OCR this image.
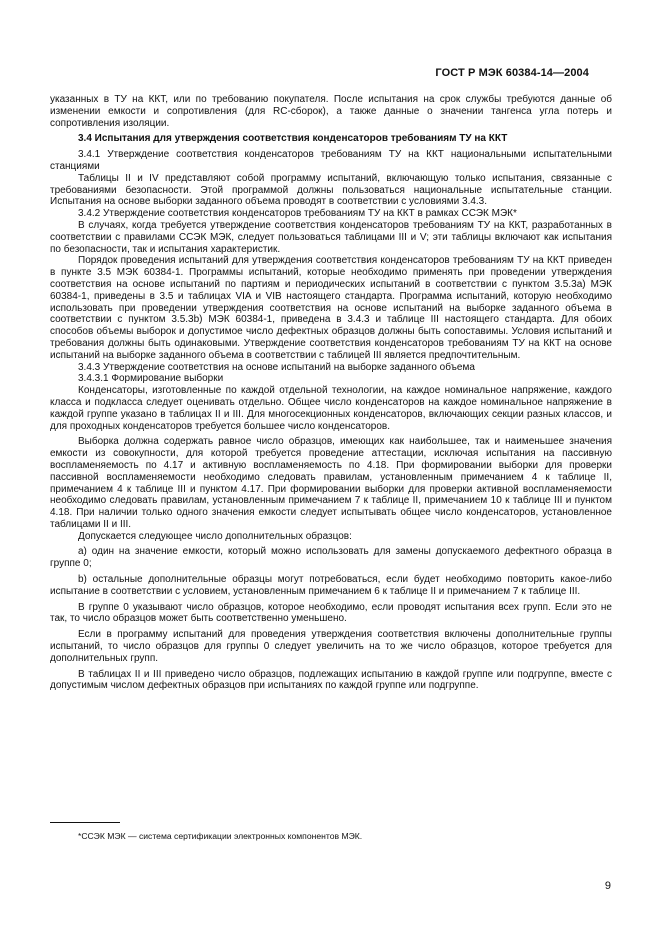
ГОСТ Р МЭК 60384-14—2004

указанных в ТУ на ККТ, или по требованию покупателя. После испытания на срок службы требуются данные об изменении емкости и сопротивления (для RC-сборок), а также данные о значении тангенса угла потерь и сопротивления изоляции.

3.4 Испытания для утверждения соответствия конденсаторов требованиям ТУ на ККТ

3.4.1 Утверждение соответствия конденсаторов требованиям ТУ на ККТ национальными испытательными станциями

Таблицы II и IV представляют собой программу испытаний, включающую только испытания, связанные с требованиями безопасности. Этой программой должны пользоваться национальные испытательные станции. Испытания на основе выборки заданного объема проводят в соответствии с условиями 3.4.3.

3.4.2 Утверждение соответствия конденсаторов требованиям ТУ на ККТ в рамках ССЭК МЭК*

В случаях, когда требуется утверждение соответствия конденсаторов требованиям ТУ на ККТ, разработанных в соответствии с правилами ССЭК МЭК, следует пользоваться таблицами III и V; эти таблицы включают как испытания по безопасности, так и испытания характеристик.

Порядок проведения испытаний для утверждения соответствия конденсаторов требованиям ТУ на ККТ приведен в пункте 3.5 МЭК 60384-1. Программы испытаний, которые необходимо применять при проведении утверждения соответствия на основе испытаний по партиям и периодических испытаний в соответствии с пунктом 3.5.3а) МЭК 60384-1, приведены в 3.5 и таблицах VIA и VIB настоящего стандарта. Программа испытаний, которую необходимо использовать при проведении утверждения соответствия на основе испытаний на выборке заданного объема в соответствии с пунктом 3.5.3b) МЭК 60384-1, приведена в 3.4.3 и таблице III настоящего стандарта. Для обоих способов объемы выборок и допустимое число дефектных образцов должны быть сопоставимы. Условия испытаний и требования должны быть одинаковыми. Утверждение соответствия конденсаторов требованиям ТУ на ККТ на основе испытаний на выборке заданного объема в соответствии с таблицей III является предпочтительным.

3.4.3 Утверждение соответствия на основе испытаний на выборке заданного объема

3.4.3.1 Формирование выборки

Конденсаторы, изготовленные по каждой отдельной технологии, на каждое номинальное напряжение, каждого класса и подкласса следует оценивать отдельно. Общее число конденсаторов на каждое номинальное напряжение в каждой группе указано в таблицах II и III. Для многосекционных конденсаторов, включающих секции разных классов, и для проходных конденсаторов требуется большее число конденсаторов.

Выборка должна содержать равное число образцов, имеющих как наибольшее, так и наименьшее значения емкости из совокупности, для которой требуется проведение аттестации, исключая испытания на пассивную воспламеняемость по 4.17 и активную воспламеняемость по 4.18. При формировании выборки для проверки пассивной воспламеняемости необходимо следовать правилам, установленным примечанием 4 к таблице II, примечанием 4 к таблице III и пунктом 4.17. При формировании выборки для проверки активной воспламеняемости необходимо следовать правилам, установленным примечанием 7 к таблице II, примечанием 10 к таблице III и пунктом 4.18. При наличии только одного значения емкости следует испытывать общее число конденсаторов, установленное таблицами II и III.

Допускается следующее число дополнительных образцов:

а) один на значение емкости, который можно использовать для замены допускаемого дефектного образца в группе 0;

b) остальные дополнительные образцы могут потребоваться, если будет необходимо повторить какое-либо испытание в соответствии с условием, установленным примечанием 6 к таблице II и примечанием 7 к таблице III.

В группе 0 указывают число образцов, которое необходимо, если проводят испытания всех групп. Если это не так, то число образцов может быть соответственно уменьшено.

Если в программу испытаний для проведения утверждения соответствия включены дополнительные группы испытаний, то число образцов для группы 0 следует увеличить на то же число образцов, которое требуется для дополнительных групп.

В таблицах II и III приведено число образцов, подлежащих испытанию в каждой группе или подгруппе, вместе с допустимым числом дефектных образцов при испытаниях по каждой группе или подгруппе.

*ССЭК МЭК — система сертификации электронных компонентов МЭК.
9
